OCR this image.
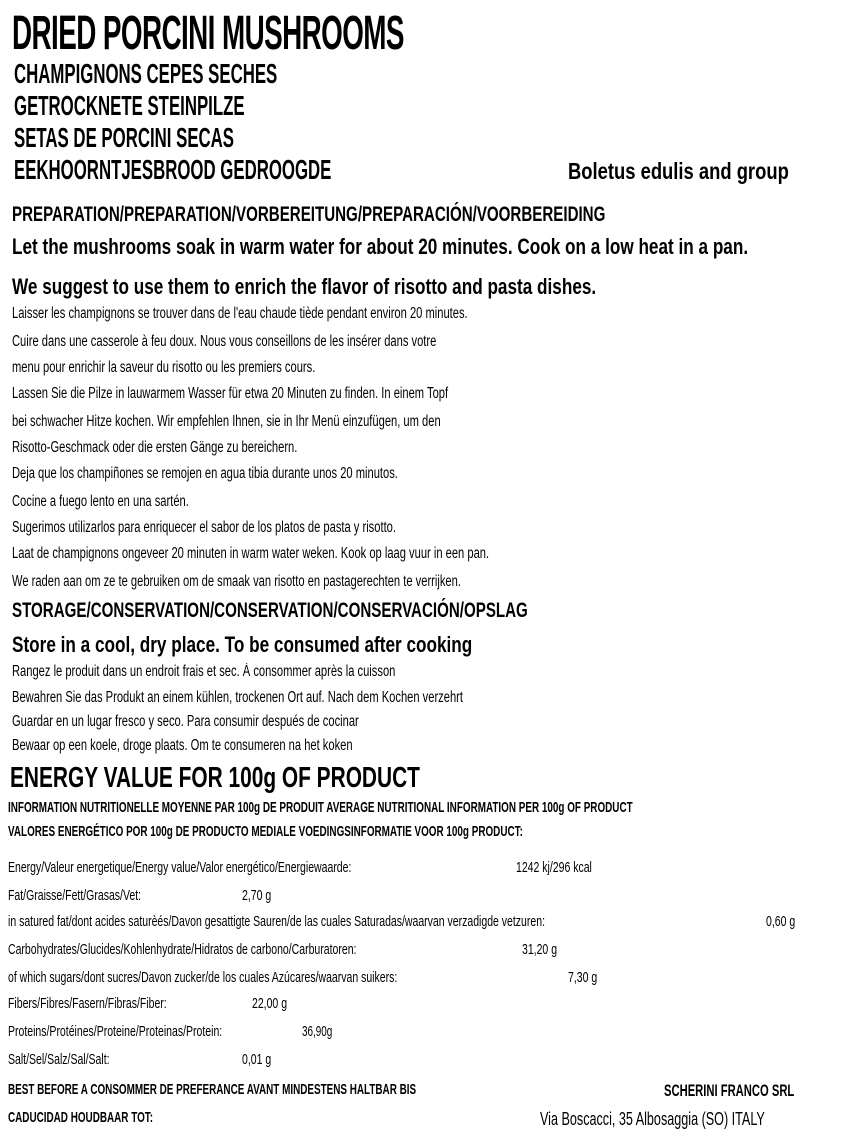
DRIED PORCINI MUSHROOMS
CHAMPIGNONS CEPES SECHES
GETROCKNETE STEINPILZE
SETAS DE PORCINI SECAS
EEKHOORNTJESBROOD GEDROOGDE	Boletus edulis and group
PREPARATION/PREPARATION/VORBEREITUNG/PREPARACIÓN/VOORBEREIDING
Let the mushrooms soak in warm water for about 20 minutes. Cook on a low heat in a pan.
We suggest to use them to enrich the flavor of risotto and pasta dishes.
Laisser les champignons se trouver dans de l'eau chaude tiède pendant environ 20 minutes.
Cuire dans une casserole à feu doux. Nous vous conseillons de les insérer dans votre
menu pour enrichir la saveur du risotto ou les premiers cours.
Lassen Sie die Pilze in lauwarmem Wasser für etwa 20 Minuten zu finden. In einem Topf
bei schwacher Hitze kochen. Wir empfehlen Ihnen, sie in Ihr Menü einzufügen, um den
Risotto-Geschmack oder die ersten Gänge zu bereichern.
Deja que los champiñones se remojen en agua tibia durante unos 20 minutos.
Cocine a fuego lento en una sartén.
Sugerimos utilizarlos para enriquecer el sabor de los platos de pasta y risotto.
Laat de champignons ongeveer 20 minuten in warm water weken. Kook op laag vuur in een pan.
We raden aan om ze te gebruiken om de smaak van risotto en pastagerechten te verrijken.
STORAGE/CONSERVATION/CONSERVATION/CONSERVACIÓN/OPSLAG
Store in a cool, dry place. To be consumed after cooking
Rangez le produit dans un endroit frais et sec. À consommer après la cuisson
Bewahren Sie das Produkt an einem kühlen, trockenen Ort auf. Nach dem Kochen verzehrt
Guardar en un lugar fresco y seco. Para consumir después de cocinar
Bewaar op een koele, droge plaats. Om te consumeren na het koken
ENERGY VALUE FOR 100g OF PRODUCT
INFORMATION NUTRITIONELLE MOYENNE PAR 100g DE PRODUIT AVERAGE NUTRITIONAL INFORMATION PER 100g OF PRODUCT
VALORES ENERGÉTICO POR 100g DE PRODUCTO MEDIALE VOEDINGSINFORMATIE VOOR 100g PRODUCT:
Energy/Valeur energetique/Energy value/Valor energético/Energiewaarde:	1242 kj/296 kcal
Fat/Graisse/Fett/Grasas/Vet:	2,70 g
in satured fat/dont acides saturèés/Davon gesattigte Sauren/de las cuales Saturadas/waarvan verzadigde vetzuren:	0,60 g
Carbohydrates/Glucides/Kohlenhydrate/Hidratos de carbono/Carburatoren:	31,20 g
of which sugars/dont sucres/Davon zucker/de los cuales Azúcares/waarvan suikers:	7,30 g
Fibers/Fibres/Fasern/Fibras/Fiber:	22,00 g
Proteins/Protéines/Proteine/Proteinas/Protein:	36,90g
Salt/Sel/Salz/Sal/Salt:	0,01 g
BEST BEFORE A CONSOMMER DE PREFERANCE AVANT MINDESTENS HALTBAR BIS
CADUCIDAD HOUDBAAR TOT:
SCHERINI FRANCO SRL
Via Boscacci, 35 Albosaggia (SO) ITALY
